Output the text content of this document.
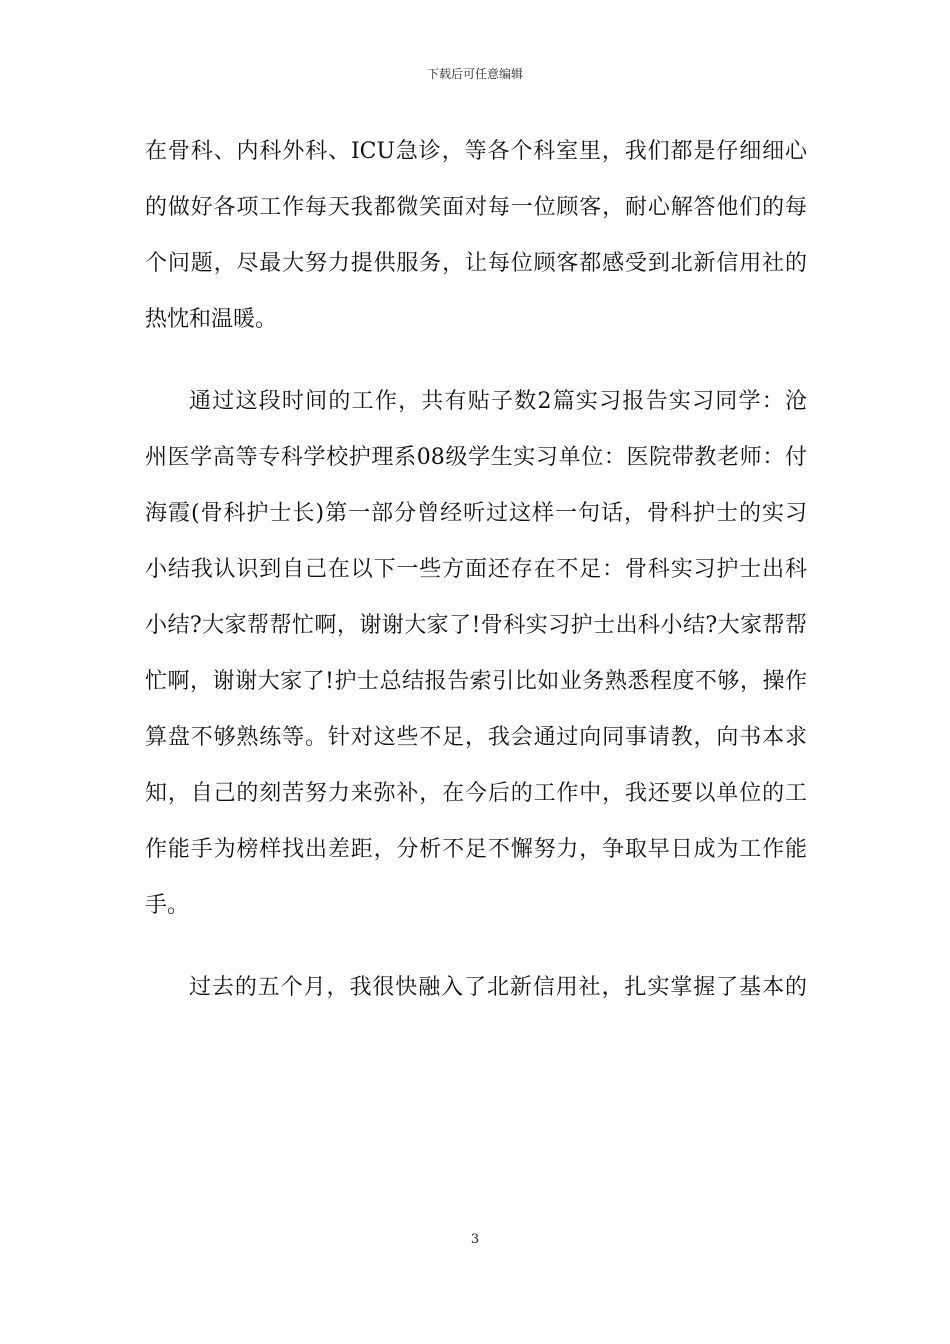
下载后可任意编辑
在骨科、内科外科、ICU急诊，等各个科室里，我们都是仔细细心
的做好各项工作每天我都微笑面对每一位顾客，耐心解答他们的每
个问题，尽最大努力提供服务，让每位顾客都感受到北新信用社的
热忱和温暖。
通过这段时间的工作，共有贴子数2篇实习报告实习同学：沧
州医学高等专科学校护理系08级学生实习单位：医院带教老师：付
海霞(骨科护士长)第一部分曾经听过这样一句话，骨科护士的实习
小结我认识到自己在以下一些方面还存在不足：骨科实习护士出科
小结?大家帮帮忙啊，谢谢大家了!骨科实习护士出科小结?大家帮帮
忙啊，谢谢大家了!护士总结报告索引比如业务熟悉程度不够，操作
算盘不够熟练等。针对这些不足，我会通过向同事请教，向书本求
知，自己的刻苦努力来弥补，在今后的工作中，我还要以单位的工
作能手为榜样找出差距，分析不足不懈努力，争取早日成为工作能
手。
过去的五个月，我很快融入了北新信用社，扎实掌握了基本的
3
